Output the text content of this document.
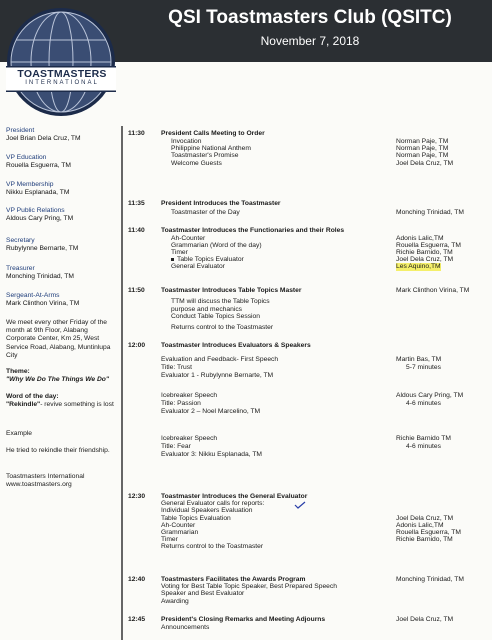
QSI Toastmasters Club (QSITC)
November 7, 2018
TOASTMASTERS
INTERNATIONAL
President
Joel Brian Dela Cruz, TM
VP Education
Rouella Esguerra, TM
VP Membership
Nikku Esplanada, TM
VP Public Relations
Aldous Cary Pring, TM
Secretary
Rubylynne Bernarte, TM
Treasurer
Monching Trinidad, TM
Sergeant-At-Arms
Mark Clinthon Virina, TM
We meet every other Friday of the month at 9th Floor, Alabang Corporate Center, Km 25, West Service Road, Alabang, Muntinlupa City
Theme:
"Why We Do The Things We Do"
Word of the day:
"Rekindle"- revive something is lost
Example
He tried to rekindle their friendship.
Toastmasters International
www.toastmasters.org
11:30 President Calls Meeting to Order
Invocation	Norman Paje, TM
Philippine National Anthem	Norman Paje, TM
Toastmaster's Promise	Norman Paje, TM
Welcome Guests	Joel Dela Cruz, TM
11:35 President Introduces the Toastmaster
Toastmaster of the Day	Monching Trinidad, TM
11:40 Toastmaster Introduces the Functionaries and their Roles
Ah-Counter	Adonis Lalic,TM
Grammarian (Word of the day)	Rouella Esguerra, TM
Timer	Richie Barnido, TM
Table Topics Evaluator	Joel Dela Cruz, TM
General Evaluator	Les Aquino,TM
11:50 Toastmaster Introduces Table Topics Master	Mark Clinthon Virina, TM
TTM will discuss the Table Topics
purpose and mechanics
Conduct Table Topics Session
Returns control to the Toastmaster
12:00 Toastmaster Introduces Evaluators & Speakers
Evaluation and Feedback- First Speech	Martin Bas, TM
Title: Trust	5-7 minutes
Evaluator 1 - Rubylynne Bernarte, TM
Icebreaker Speech	Aldous Cary Pring, TM
Title: Passion	4-6 minutes
Evaluator 2 – Noel Marcelino, TM
Icebreaker Speech	Richie Barnido TM
Title: Fear	4-6 minutes
Evaluator 3: Nikku Esplanada, TM
12:30 Toastmaster Introduces the General Evaluator
General Evaluator calls for reports:
Individual Speakers Evaluation
Table Topics Evaluation	Joel Dela Cruz, TM
Ah-Counter	Adonis Lalic,TM
Grammarian	Rouella Esguerra, TM
Timer	Richie Barnido, TM
Returns control to the Toastmaster
12:40 Toastmasters Facilitates the Awards Program	Monching Trinidad, TM
Voting for Best Table Topic Speaker, Best Prepared Speech
Speaker and Best Evaluator
Awarding
12:45 President's Closing Remarks and Meeting Adjourns	Joel Dela Cruz, TM
Announcements
